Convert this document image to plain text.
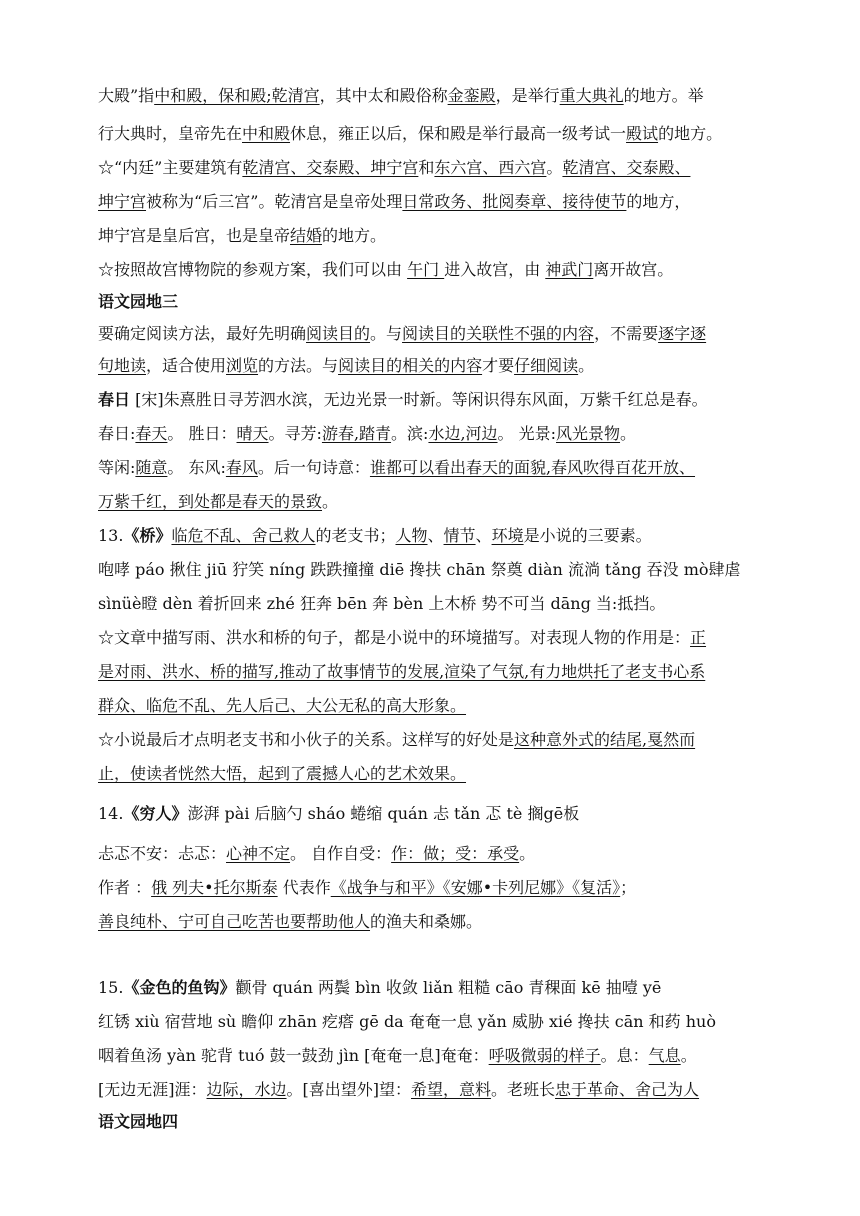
大殿”指中和殿，保和殿;乾清宫，其中太和殿俗称金銮殿，是举行重大典礼的地方。举
行大典时，皇帝先在中和殿休息，雍正以后，保和殿是举行最高一级考试一殿试的地方。
☆“内廷”主要建筑有乾清宫、交泰殿、坤宁宫和东六宫、西六宫。乾清宫、交泰殿、
坤宁宫被称为“后三宫”。乾清宫是皇帝处理日常政务、批阅奏章、接待使节的地方，
坤宁宫是皇后宫，也是皇帝结婚的地方。
☆按照故宫博物院的参观方案，我们可以由 午门 进入故宫，由 神武门离开故宫。
语文园地三
要确定阅读方法，最好先明确阅读目的。与阅读目的关联性不强的内容，不需要逐字逐
句地读，适合使用浏览的方法。与阅读目的相关的内容才要仔细阅读。
春日 [宋]朱熹胜日寻芳泗水滨，无边光景一时新。等闲识得东风面，万紫千红总是春。
春日:春天。 胜日：晴天。寻芳:游春,踏青。滨:水边,河边。 光景:风光景物。
等闲:随意。 东风:春风。后一句诗意：谁都可以看出春天的面貌,春风吹得百花开放、
万紫千红，到处都是春天的景致。
13.《桥》临危不乱、舍己救人的老支书；人物、情节、环境是小说的三要素。
咆哮 páo 揪住 jiū 狞笑 níng 跌跌撞撞 diē 搀扶 chān 祭奠 diàn 流淌 tǎng 吞没 mò肆虐
sìnüè瞪 dèn 着折回来 zhé 狂奔 bēn 奔 bèn 上木桥 势不可当 dāng 当:抵挡。
☆文章中描写雨、洪水和桥的句子，都是小说中的环境描写。对表现人物的作用是：正
是对雨、洪水、桥的描写,推动了故事情节的发展,渲染了气氛,有力地烘托了老支书心系
群众、临危不乱、先人后己、大公无私的高大形象。
☆小说最后才点明老支书和小伙子的关系。这样写的好处是这种意外式的结尾,戛然而
止，使读者恍然大悟，起到了震撼人心的艺术效果。
14.《穷人》澎湃 pài 后脑勺 sháo 蜷缩 quán 忐 tǎn 忑 tè 搁gē板
忐忑不安：忐忑：心神不定。 自作自受：作：做；受：承受。
作者 ：俄 列夫•托尔斯泰 代表作《战争与和平》《安娜•卡列尼娜》《复活》；
善良纯朴、宁可自己吃苦也要帮助他人的渔夫和桑娜。
15.《金色的鱼钩》颧骨 quán 两鬓 bìn 收敛 liǎn 粗糙 cāo 青稞面 kē 抽噎 yē
红锈 xiù 宿营地 sù 瞻仰 zhān 疙瘩 gē da 奄奄一息 yǎn 威胁 xié 搀扶 cān 和药 huò
咽着鱼汤 yàn 驼背 tuó 鼓一鼓劲 jìn [奄奄一息]奄奄：呼吸微弱的样子。息：气息。
[无边无涯]涯：边际，水边。[喜出望外]望：希望，意料。老班长忠于革命、舍己为人
语文园地四
